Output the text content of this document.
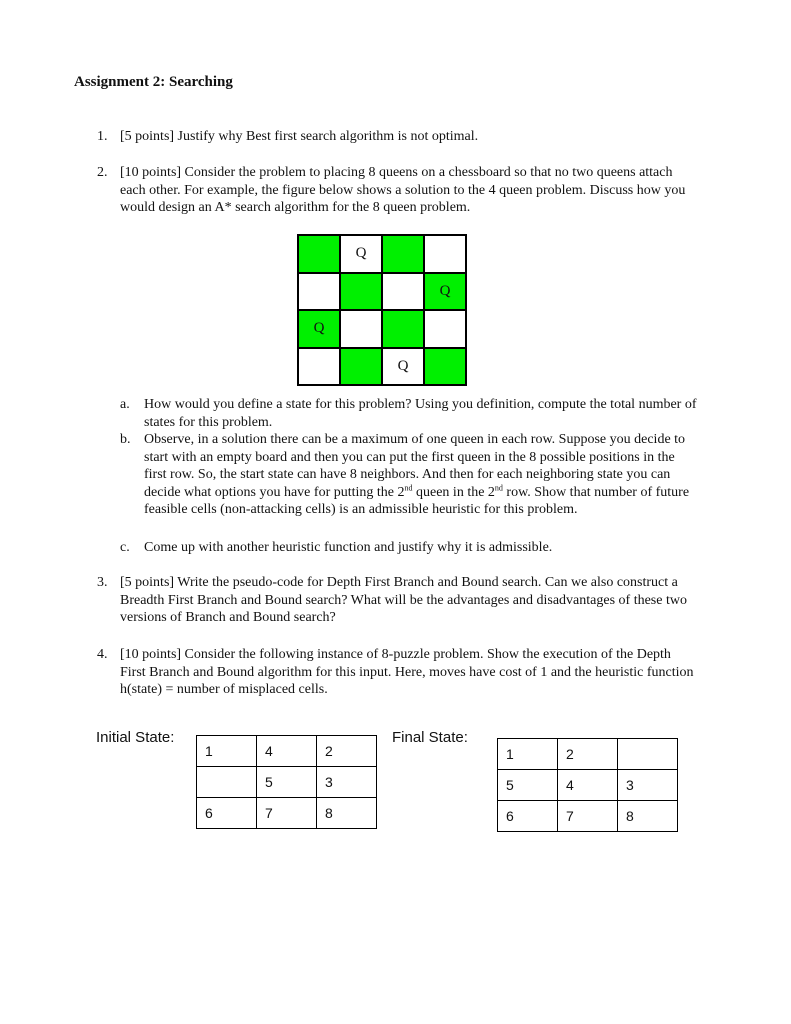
Assignment 2: Searching
1. [5 points] Justify why Best first search algorithm is not optimal.
2. [10 points] Consider the problem to placing 8 queens on a chessboard so that no two queens attach each other. For example, the figure below shows a solution to the 4 queen problem. Discuss how you would design an A* search algorithm for the 8 queen problem.
Q
Q
Q
Q
a. How would you define a state for this problem? Using you definition, compute the total number of states for this problem.
b. Observe, in a solution there can be a maximum of one queen in each row. Suppose you decide to start with an empty board and then you can put the first queen in the 8 possible positions in the first row. So, the start state can have 8 neighbors. And then for each neighboring state you can decide what options you have for putting the 2nd queen in the 2nd row. Show that number of future feasible cells (non-attacking cells) is an admissible heuristic for this problem.
c. Come up with another heuristic function and justify why it is admissible.
3. [5 points] Write the pseudo-code for Depth First Branch and Bound search. Can we also construct a Breadth First Branch and Bound search? What will be the advantages and disadvantages of these two versions of Branch and Bound search?
4. [10 points] Consider the following instance of 8-puzzle problem. Show the execution of the Depth First Branch and Bound algorithm for this input. Here, moves have cost of 1 and the heuristic function h(state) = number of misplaced cells.
Initial State:
1	4	2
	5	3
6	7	8
Final State:
1	2	
5	4	3
6	7	8
